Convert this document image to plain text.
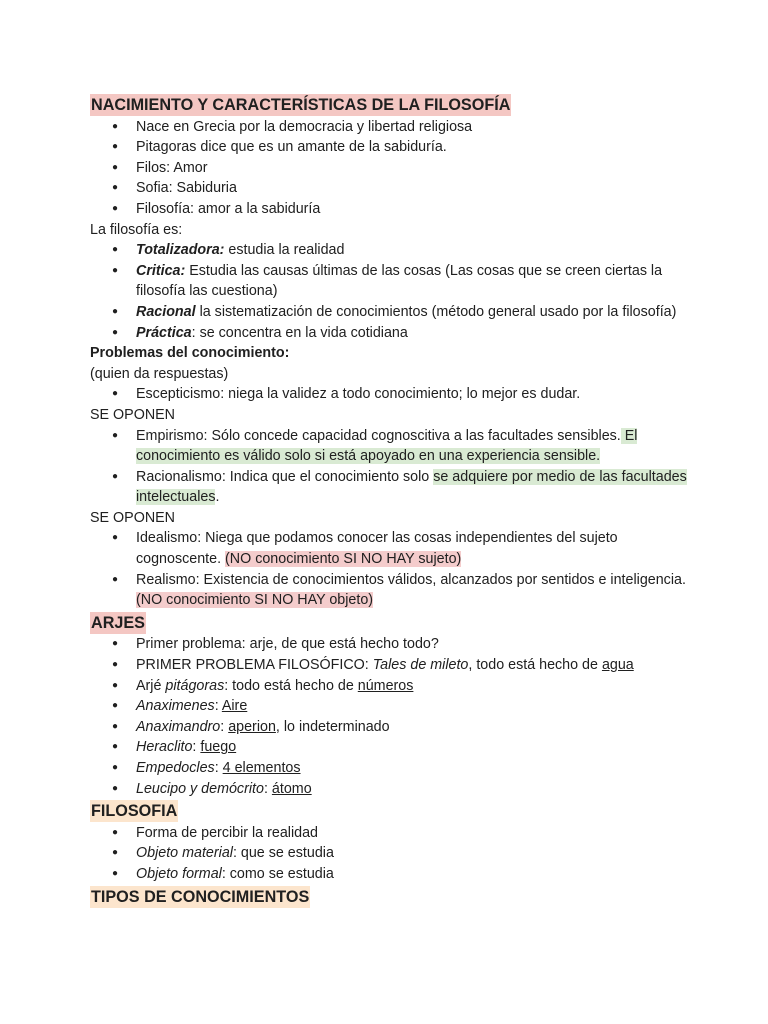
NACIMIENTO Y CARACTERÍSTICAS DE LA FILOSOFÍA
● Nace en Grecia por la democracia y libertad religiosa
● Pitagoras dice que es un amante de la sabiduría.
● Filos: Amor
● Sofia: Sabiduria
● Filosofía: amor a la sabiduría

La filosofía es:

● Totalizadora: estudia la realidad
● Critica: Estudia las causas últimas de las cosas (Las cosas que se creen ciertas la filosofía las cuestiona)
● Racional la sistematización de conocimientos (método general usado por la filosofía)
● Práctica: se concentra en la vida cotidiana

Problemas del conocimiento:

(quien da respuestas)

● Escepticismo: niega la validez a todo conocimiento; lo mejor es dudar.

SE OPONEN

● Empirismo: Sólo concede capacidad cognoscitiva a las facultades sensibles. El conocimiento es válido solo si está apoyado en una experiencia sensible.
● Racionalismo: Indica que el conocimiento solo se adquiere por medio de las facultades intelectuales.

SE OPONEN

● Idealismo: Niega que podamos conocer las cosas independientes del sujeto cognoscente. (NO conocimiento SI NO HAY sujeto)
● Realismo: Existencia de conocimientos válidos, alcanzados por sentidos e inteligencia. (NO conocimiento SI NO HAY objeto)
ARJES
● Primer problema: arje, de que está hecho todo?
● PRIMER PROBLEMA FILOSÓFICO: Tales de mileto, todo está hecho de agua
● Arjé pitágoras: todo está hecho de números
● Anaximenes: Aire
● Anaximandro: aperion, lo indeterminado
● Heraclito: fuego
● Empedocles: 4 elementos
● Leucipo y demócrito: átomo
FILOSOFIA
● Forma de percibir la realidad
● Objeto material: que se estudia
● Objeto formal: como se estudia
TIPOS DE CONOCIMIENTOS
